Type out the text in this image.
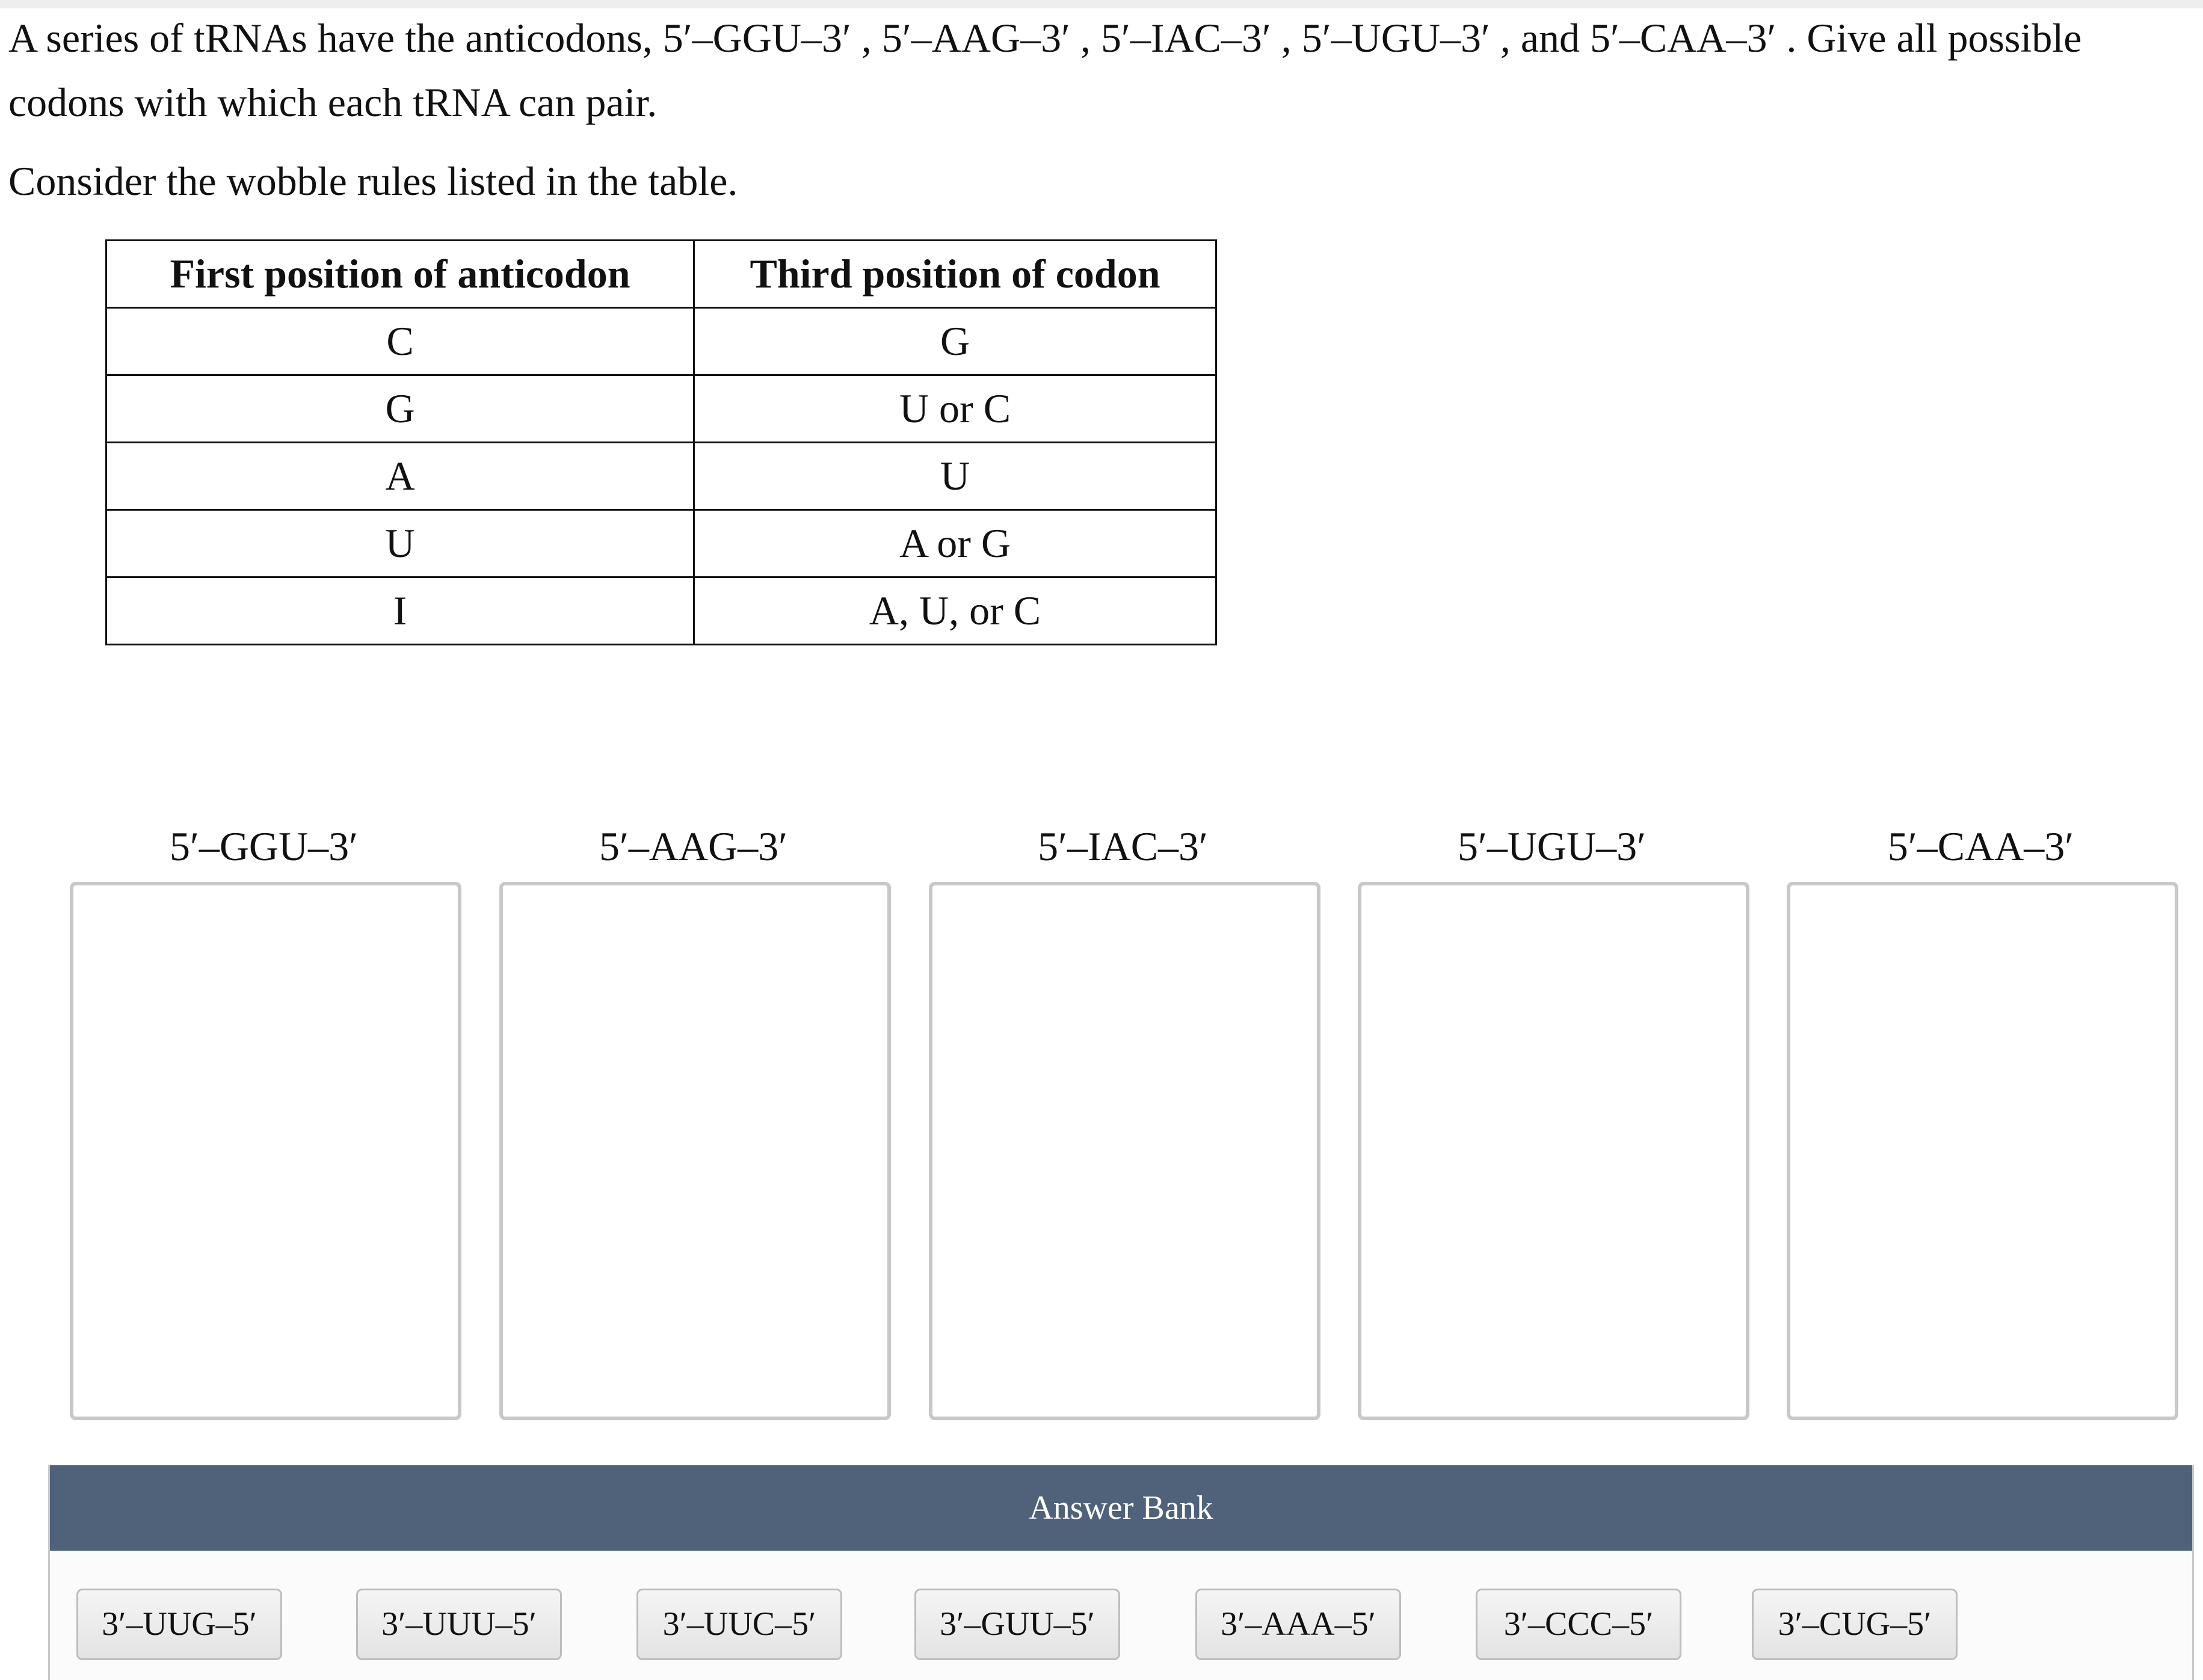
A series of tRNAs have the anticodons, 5′–GGU–3′ , 5′–AAG–3′ , 5′–IAC–3′ , 5′–UGU–3′ , and 5′–CAA–3′ . Give all possible codons with which each tRNA can pair.

Consider the wobble rules listed in the table.

First position of anticodon	Third position of codon
C	G
G	U or C
A	U
U	A or G
I	A, U, or C
5′–GGU–3′	5′–AAG–3′	5′–IAC–3′	5′–UGU–3′	5′–CAA–3′
Answer Bank
3′–UUG–5′	3′–UUU–5′	3′–UUC–5′	3′–GUU–5′	3′–AAA–5′	3′–CCC–5′	3′–CUG–5′
